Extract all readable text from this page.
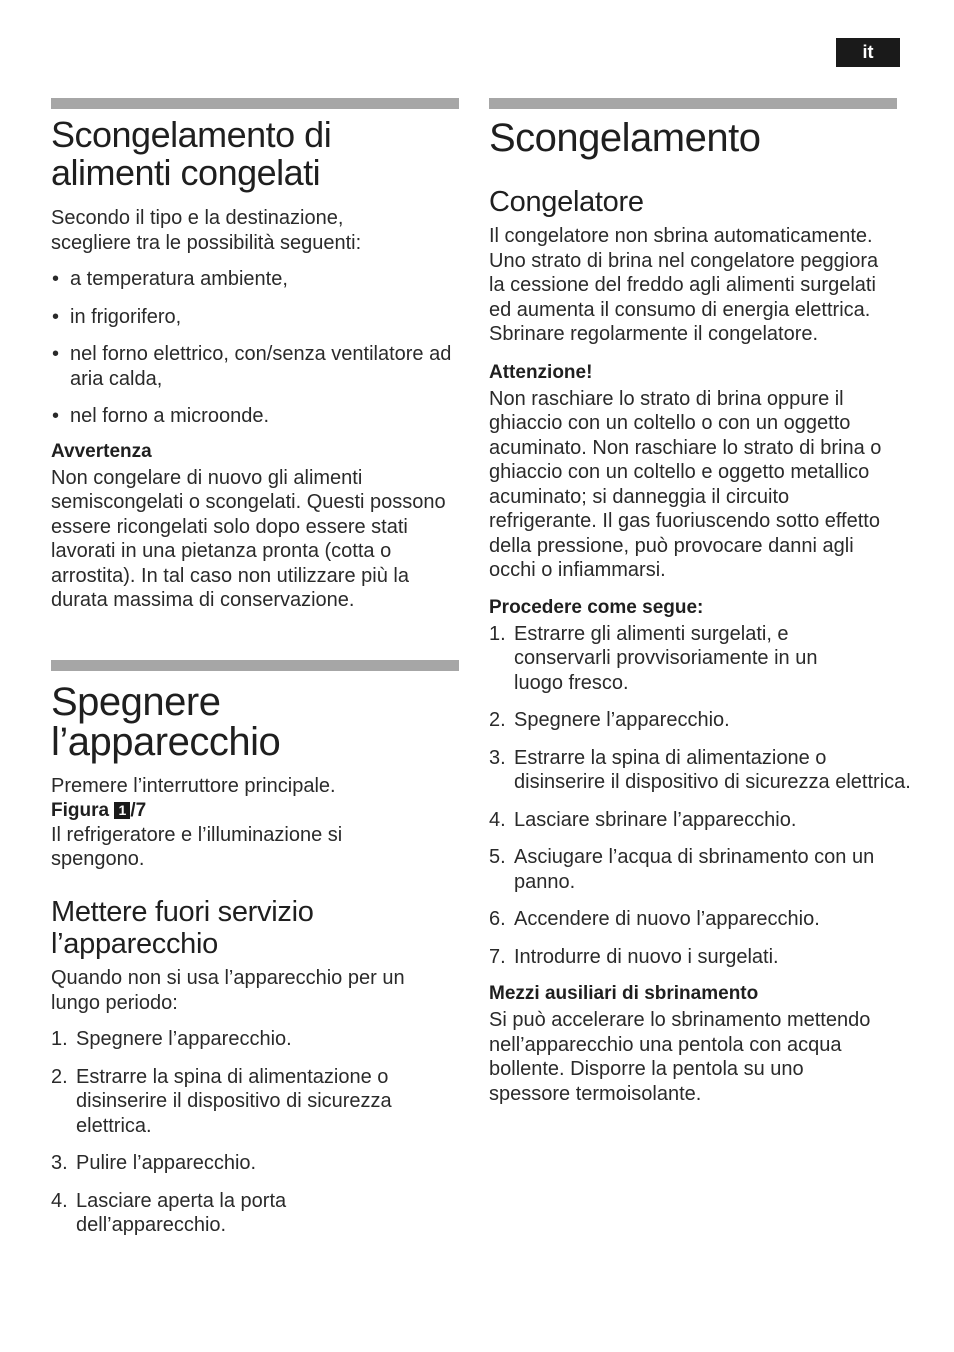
it
Scongelamento di alimenti congelati

Secondo il tipo e la destinazione, scegliere tra le possibilità seguenti:

• a temperatura ambiente,
• in frigorifero,
• nel forno elettrico, con/senza ventilatore ad aria calda,
• nel forno a microonde.

Avvertenza

Non congelare di nuovo gli alimenti semiscongelati o scongelati. Questi possono essere ricongelati solo dopo essere stati lavorati in una pietanza pronta (cotta o arrostita). In tal caso non utilizzare più la durata massima di conservazione.

Spegnere l’apparecchio

Premere l’interruttore principale.

Figura 1 /7

Il refrigeratore e l’illuminazione si spengono.

Mettere fuori servizio l’apparecchio

Quando non si usa l’apparecchio per un lungo periodo:

1. Spegnere l’apparecchio.
2. Estrarre la spina di alimentazione o disinserire il dispositivo di sicurezza elettrica.
3. Pulire l’apparecchio.
4. Lasciare aperta la porta dell’apparecchio.
Scongelamento
Congelatore

Il congelatore non sbrina automaticamente. Uno strato di brina nel congelatore peggiora la cessione del freddo agli alimenti surgelati ed aumenta il consumo di energia elettrica.

Sbrinare regolarmente il congelatore.

Attenzione!

Non raschiare lo strato di brina oppure il ghiaccio con un coltello o con un oggetto acuminato. Non raschiare lo strato di brina o ghiaccio con un coltello e oggetto metallico acuminato; si danneggia il circuito refrigerante. Il gas fuoriuscendo sotto effetto della pressione, può provocare danni agli occhi o infiammarsi.

Procedere come segue:

1. Estrarre gli alimenti surgelati, e conservarli provvisoriamente in un luogo fresco.
2. Spegnere l’apparecchio.
3. Estrarre la spina di alimentazione o disinserire il dispositivo di sicurezza elettrica.
4. Lasciare sbrinare l’apparecchio.
5. Asciugare l’acqua di sbrinamento con un panno.
6. Accendere di nuovo l’apparecchio.
7. Introdurre di nuovo i surgelati.

Mezzi ausiliari di sbrinamento

Si può accelerare lo sbrinamento mettendo nell’apparecchio una pentola con acqua bollente. Disporre la pentola su uno spessore termoisolante.
